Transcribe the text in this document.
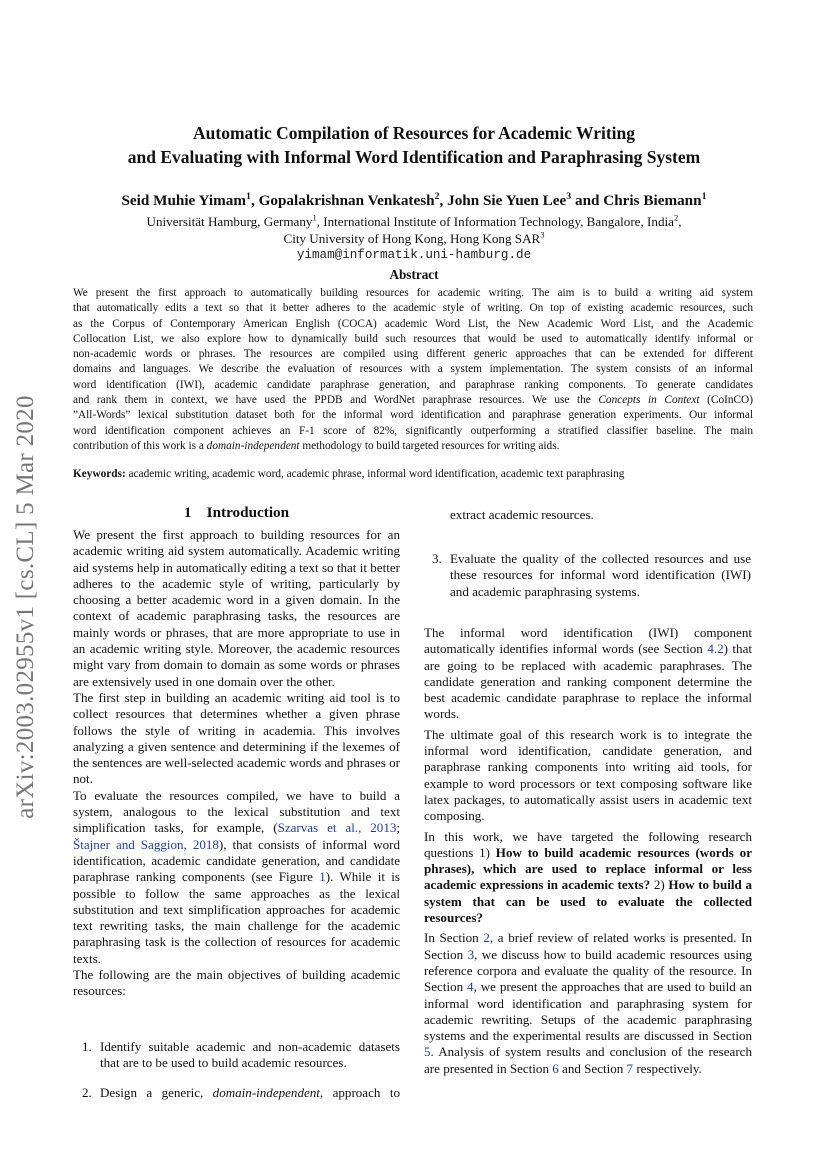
arXiv:2003.02955v1 [cs.CL] 5 Mar 2020
Automatic Compilation of Resources for Academic Writing
and Evaluating with Informal Word Identification and Paraphrasing System
Seid Muhie Yimam$^1$, Gopalakrishnan Venkatesh$^2$, John Sie Yuen Lee$^3$ and Chris Biemann$^1$
Universität Hamburg, Germany$^1$, International Institute of Information Technology, Bangalore, India$^2$,
City University of Hong Kong, Hong Kong SAR$^3$
yimam@informatik.uni-hamburg.de
Abstract
We present the first approach to automatically building resources for academic writing. The aim is to build a writing aid system
that automatically edits a text so that it better adheres to the academic style of writing. On top of existing academic resources, such
as the Corpus of Contemporary American English (COCA) academic Word List, the New Academic Word List, and the Academic
Collocation List, we also explore how to dynamically build such resources that would be used to automatically identify informal or
non-academic words or phrases. The resources are compiled using different generic approaches that can be extended for different
domains and languages. We describe the evaluation of resources with a system implementation. The system consists of an informal
word identification (IWI), academic candidate paraphrase generation, and paraphrase ranking components. To generate candidates
and rank them in context, we have used the PPDB and WordNet paraphrase resources. We use the Concepts in Context (CoInCO)
”All-Words” lexical substitution dataset both for the informal word identification and paraphrase generation experiments. Our informal
word identification component achieves an F-1 score of 82%, significantly outperforming a stratified classifier baseline. The main
contribution of this work is a domain-independent methodology to build targeted resources for writing aids.
Keywords: academic writing, academic word, academic phrase, informal word identification, academic text paraphrasing
1 Introduction

We present the first approach to building resources for an academic writing aid system automatically. Academic writing aid systems help in automatically editing a text so that it better adheres to the academic style of writing, particularly by choosing a better academic word in a given domain. In the context of academic paraphrasing tasks, the resources are mainly words or phrases, that are more appropriate to use in an academic writing style. Moreover, the academic resources might vary from domain to domain as some words or phrases are extensively used in one domain over the other.

The first step in building an academic writing aid tool is to collect resources that determines whether a given phrase follows the style of writing in academia. This involves analyzing a given sentence and determining if the lexemes of the sentences are well-selected academic words and phrases or not.

To evaluate the resources compiled, we have to build a system, analogous to the lexical substitution and text simplification tasks, for example, (Szarvas et al., 2013; Štajner and Saggion, 2018), that consists of informal word identification, academic candidate generation, and candidate paraphrase ranking components (see Figure 1). While it is possible to follow the same approaches as the lexical substitution and text simplification approaches for academic text rewriting tasks, the main challenge for the academic paraphrasing task is the collection of resources for academic texts.

The following are the main objectives of building academic resources:

1. Identify suitable academic and non-academic datasets that are to be used to build academic resources.
2. Design a generic, domain-independent, approach to
extract academic resources.
3. Evaluate the quality of the collected resources and use these resources for informal word identification (IWI) and academic paraphrasing systems.

The informal word identification (IWI) component automatically identifies informal words (see Section 4.2) that are going to be replaced with academic paraphrases. The candidate generation and ranking component determine the best academic candidate paraphrase to replace the informal words.

The ultimate goal of this research work is to integrate the informal word identification, candidate generation, and paraphrase ranking components into writing aid tools, for example to word processors or text composing software like latex packages, to automatically assist users in academic text composing.

In this work, we have targeted the following research questions 1) How to build academic resources (words or phrases), which are used to replace informal or less academic expressions in academic texts? 2) How to build a system that can be used to evaluate the collected resources?

In Section 2, a brief review of related works is presented. In Section 3, we discuss how to build academic resources using reference corpora and evaluate the quality of the resource. In Section 4, we present the approaches that are used to build an informal word identification and paraphrasing system for academic rewriting. Setups of the academic paraphrasing systems and the experimental results are discussed in Section 5. Analysis of system results and conclusion of the research are presented in Section 6 and Section 7 respectively.
